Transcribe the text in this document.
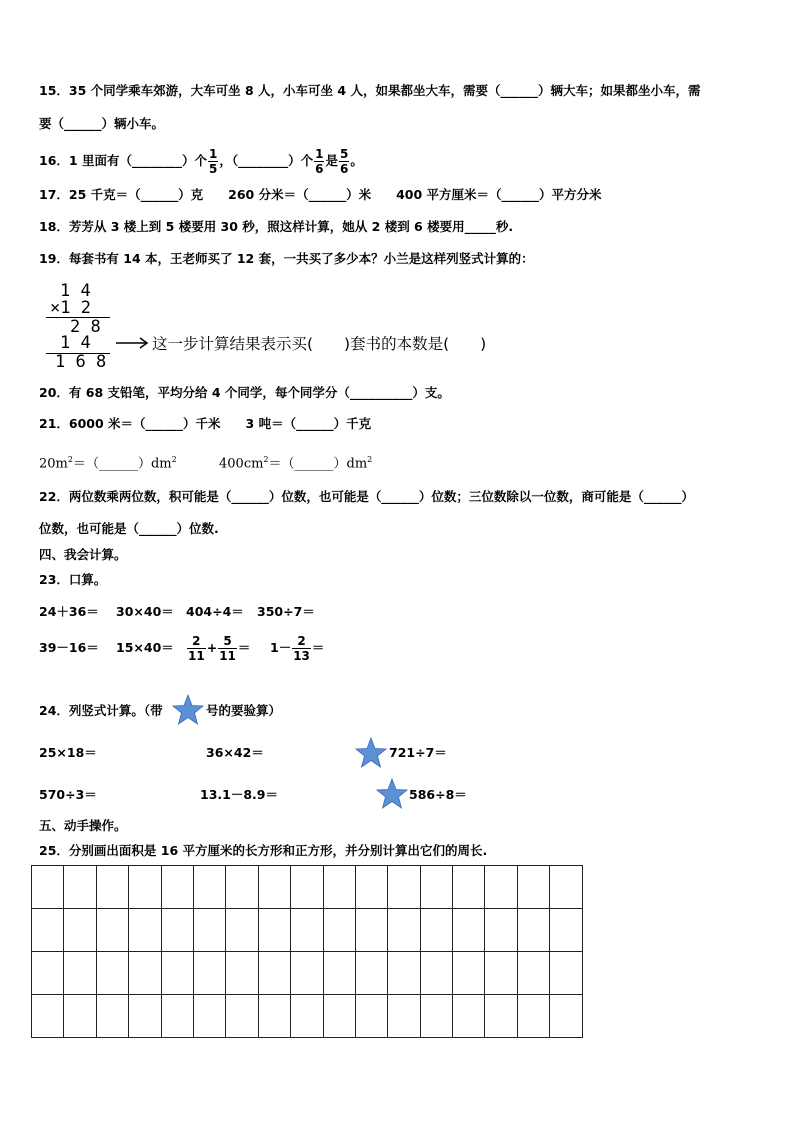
15．35 个同学乘车郊游，大车可坐 8 人，小车可坐 4 人，如果都坐大车，需要（______）辆大车；如果都坐小车，需
要（______）辆小车。
16．1 里面有（________）个 $\frac{1}{5}$ ，（________）个 $\frac{1}{6}$ 是 $\frac{5}{6}$ 。
17．25 千克＝（______）克　　260 分米＝（______）米　　400 平方厘米＝（______）平方分米
18．芳芳从 3 楼上到 5 楼要用 30 秒，照这样计算，她从 2 楼到 6 楼要用_____秒.
19．每套书有 14 本，王老师买了 12 套，一共买了多少本？小兰是这样列竖式计算的：
1 4
×1 2
2 8
1 4
1 6 8
这一步计算结果表示买(　　)套书的本数是(　　)
20．有 68 支铅笔，平均分给 4 个同学，每个同学分（__________）支。
21．6000 米＝（______）千米　　3 吨＝（______）千克
$20m^2=(\_\_\_\_\_\_)dm^2$	$400cm^2=(\_\_\_\_\_\_)dm^2$
22．两位数乘两位数，积可能是（______）位数，也可能是（______）位数；三位数除以一位数，商可能是（______）
位数，也可能是（______）位数.
四、我会计算。
23．口算。
24＋36＝ 30×40＝ 404÷4＝ 350÷7＝
$39-16= 15\times 40= \frac{2}{11} + \frac{5}{11} = 1- \frac{2}{13}$ ＝
24．列竖式计算。（带	号的要验算）
25×18＝	36×42＝	721÷7＝
570÷3＝	13.1－8.9＝	586÷8＝
五、动手操作。
25．分别画出面积是 16 平方厘米的长方形和正方形，并分别计算出它们的周长.
